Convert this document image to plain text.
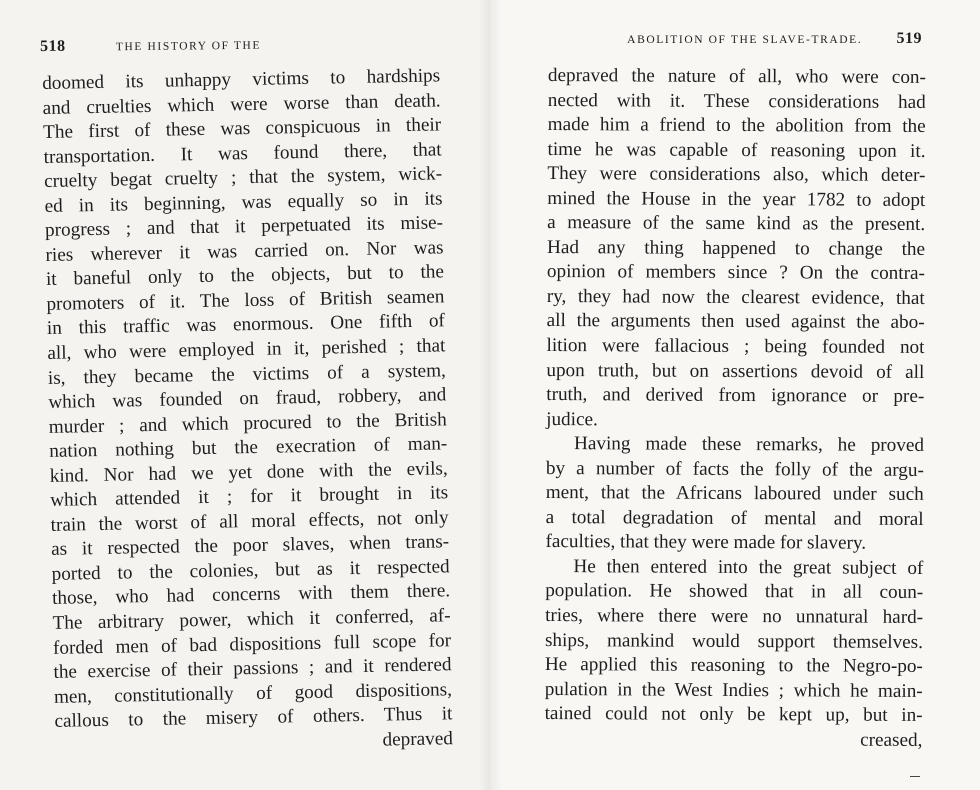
518	THE HISTORY OF THE	ABOLITION OF THE SLAVE-TRADE. 519
doomed its unhappy victims to hardships
and cruelties which were worse than death.
The first of these was conspicuous in their
transportation. It was found there, that
cruelty begat cruelty ; that the system, wick-
ed in its beginning, was equally so in its
progress ; and that it perpetuated its mise-
ries wherever it was carried on. Nor was
it baneful only to the objects, but to the
promoters of it. The loss of British seamen
in this traffic was enormous. One fifth of
all, who were employed in it, perished ; that
is, they became the victims of a system,
which was founded on fraud, robbery, and
murder ; and which procured to the British
nation nothing but the execration of man-
kind. Nor had we yet done with the evils,
which attended it ; for it brought in its
train the worst of all moral effects, not only
as it respected the poor slaves, when trans-
ported to the colonies, but as it respected
those, who had concerns with them there.
The arbitrary power, which it conferred, af-
forded men of bad dispositions full scope for
the exercise of their passions ; and it rendered
men, constitutionally of good dispositions,
callous to the misery of others. Thus it
depraved
depraved the nature of all, who were con-
nected with it. These considerations had
made him a friend to the abolition from the
time he was capable of reasoning upon it.
They were considerations also, which deter-
mined the House in the year 1782 to adopt
a measure of the same kind as the present.
Had any thing happened to change the
opinion of members since ? On the contra-
ry, they had now the clearest evidence, that
all the arguments then used against the abo-
lition were fallacious ; being founded not
upon truth, but on assertions devoid of all
truth, and derived from ignorance or pre-
judice.
Having made these remarks, he proved
by a number of facts the folly of the argu-
ment, that the Africans laboured under such
a total degradation of mental and moral
faculties, that they were made for slavery.
He then entered into the great subject of
population. He showed that in all coun-
tries, where there were no unnatural hard-
ships, mankind would support themselves.
He applied this reasoning to the Negro-po-
pulation in the West Indies ; which he main-
tained could not only be kept up, but in-
creased,
